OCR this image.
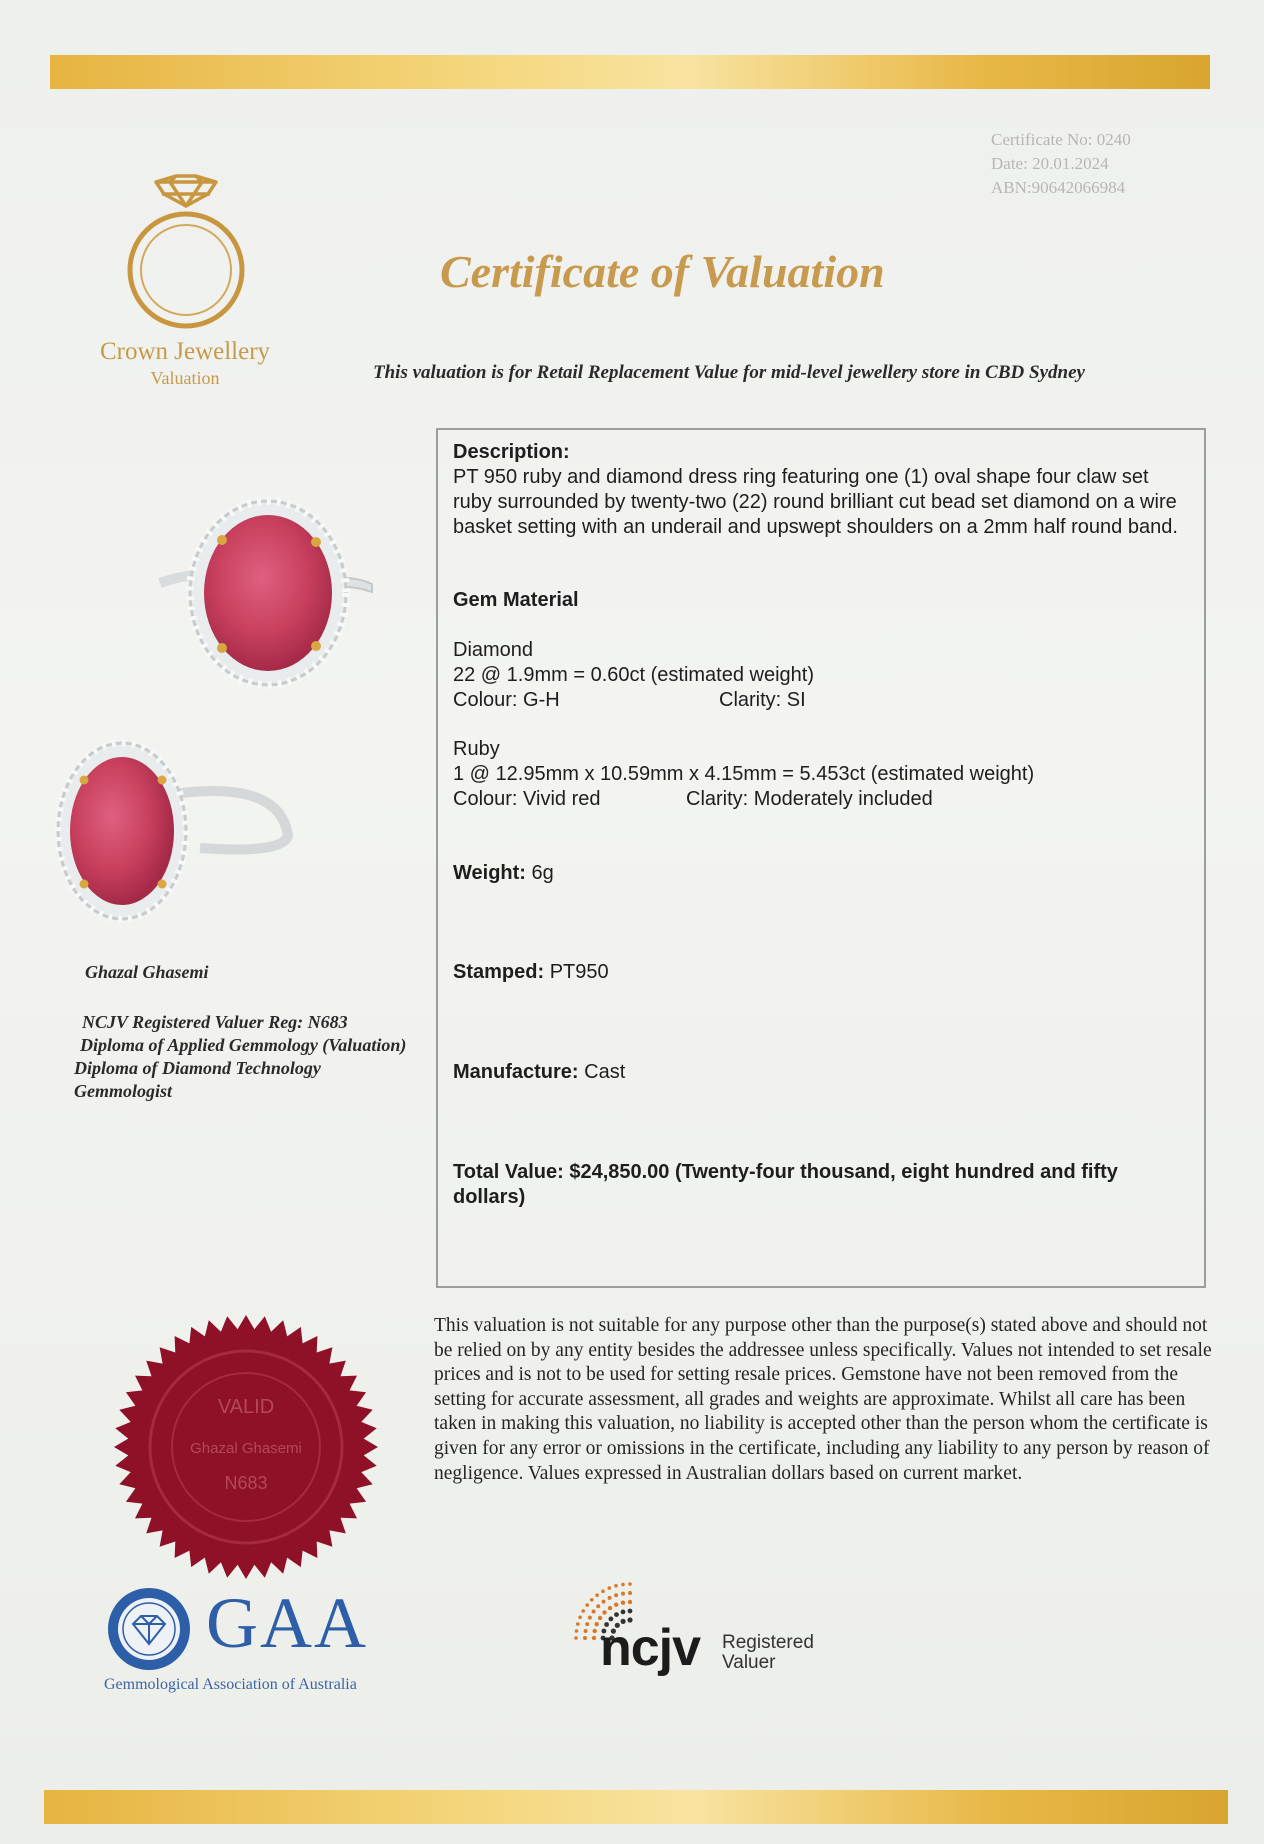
Certificate No: 0240
Date: 20.01.2024
ABN:90642066984
Crown Jewellery
Valuation
Certificate of Valuation
This valuation is for Retail Replacement Value for mid-level jewellery store in CBD Sydney
Ghazal Ghasemi
NCJV Registered Valuer Reg: N683
Diploma of Applied Gemmology (Valuation)
Diploma of Diamond Technology
Gemmologist
Description:
PT 950 ruby and diamond dress ring featuring one (1) oval shape four claw set ruby surrounded by twenty-two (22) round brilliant cut bead set diamond on a wire basket setting with an underail and upswept shoulders on a 2mm half round band.
Gem Material
Diamond
22 @ 1.9mm = 0.60ct (estimated weight)
Colour: G-H	Clarity: SI
Ruby
1 @ 12.95mm x 10.59mm x 4.15mm = 5.453ct (estimated weight)
Colour: Vivid red	Clarity: Moderately included
Weight: 6g
Stamped: PT950
Manufacture: Cast
Total Value: $24,850.00 (Twenty-four thousand, eight hundred and fifty dollars)
This valuation is not suitable for any purpose other than the purpose(s) stated above and should not be relied on by any entity besides the addressee unless specifically. Values not intended to set resale prices and is not to be used for setting resale prices. Gemstone have not been removed from the setting for accurate assessment, all grades and weights are approximate. Whilst all care has been taken in making this valuation, no liability is accepted other than the person whom the certificate is given for any error or omissions in the certificate, including any liability to any person by reason of negligence. Values expressed in Australian dollars based on current market.
VALID
Ghazal Ghasemi
N683
GAA
Gemmological Association of Australia
ncjv Registered
Valuer
